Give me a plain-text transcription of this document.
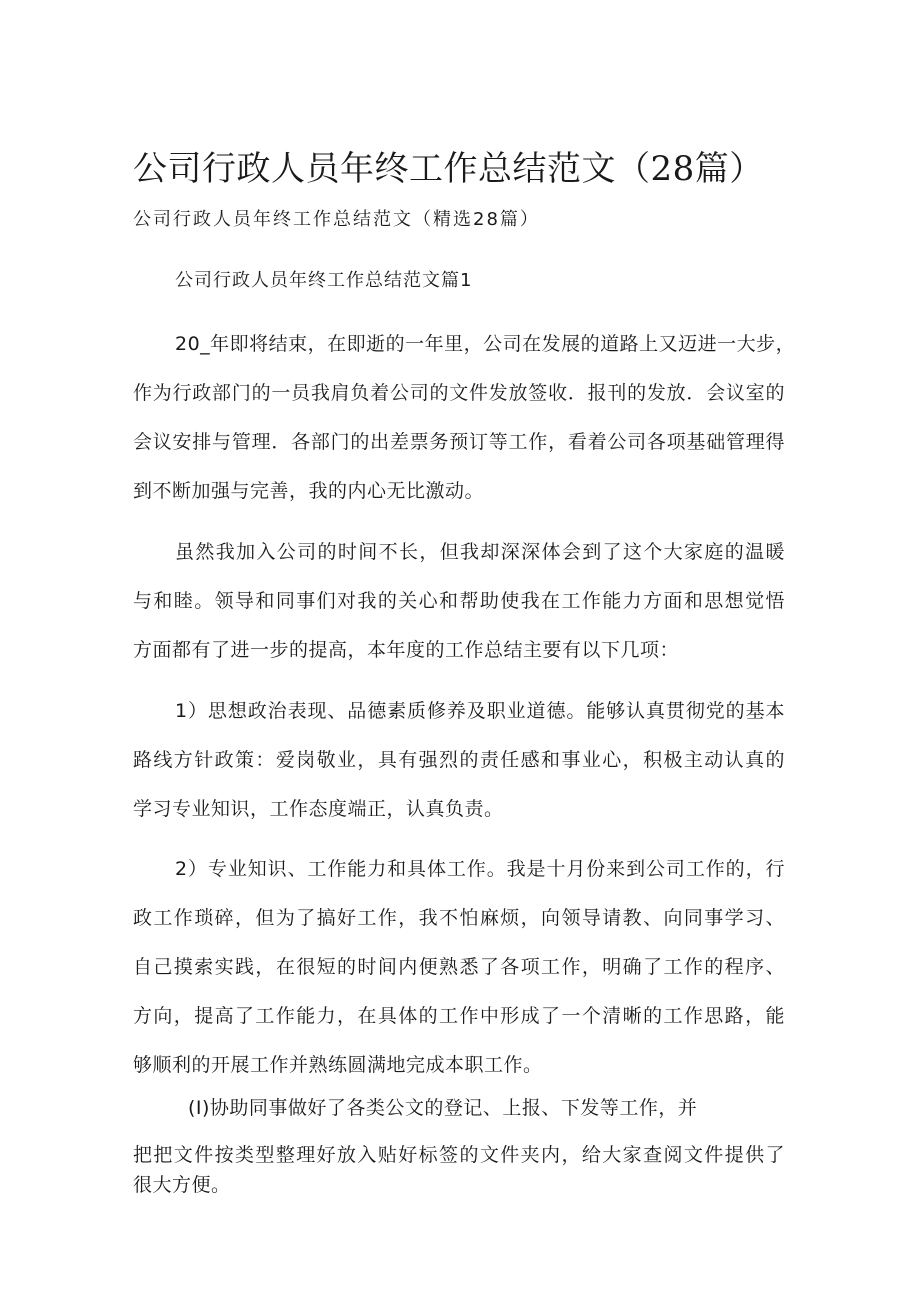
公司行政人员年终工作总结范文（28篇）
公司行政人员年终工作总结范文（精选28篇）
公司行政人员年终工作总结范文篇1
20_年即将结束，在即逝的一年里，公司在发展的道路上又迈进一大步，
作为行政部门的一员我肩负着公司的文件发放签收．报刊的发放．会议室的
会议安排与管理．各部门的出差票务预订等工作，看着公司各项基础管理得
到不断加强与完善，我的内心无比激动。
虽然我加入公司的时间不长，但我却深深体会到了这个大家庭的温暖
与和睦。领导和同事们对我的关心和帮助使我在工作能力方面和思想觉悟
方面都有了进一步的提高，本年度的工作总结主要有以下几项：
1）思想政治表现、品德素质修养及职业道德。能够认真贯彻党的基本
路线方针政策：爱岗敬业，具有强烈的责任感和事业心，积极主动认真的
学习专业知识，工作态度端正，认真负责。
2）专业知识、工作能力和具体工作。我是十月份来到公司工作的，行
政工作琐碎，但为了搞好工作，我不怕麻烦，向领导请教、向同事学习、
自己摸索实践，在很短的时间内便熟悉了各项工作，明确了工作的程序、
方向，提高了工作能力，在具体的工作中形成了一个清晰的工作思路，能
够顺利的开展工作并熟练圆满地完成本职工作。
(I)协助同事做好了各类公文的登记、上报、下发等工作，并
把把文件按类型整理好放入贴好标签的文件夹内，给大家查阅文件提供了
很大方便。
